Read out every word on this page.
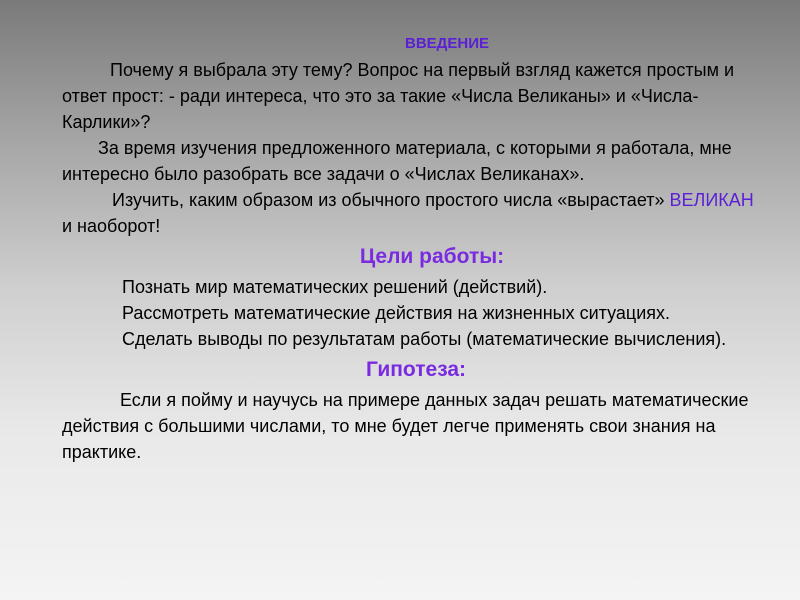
ВВЕДЕНИЕ

Почему я выбрала эту тему? Вопрос на первый взгляд кажется простым и ответ прост: - ради интереса, что это за такие «Числа Великаны» и «Числа-Карлики»?

За время изучения предложенного материала, с которыми я работала, мне интересно было разобрать все задачи о «Числах Великанах».

Изучить, каким образом из обычного простого числа «вырастает» ВЕЛИКАН и наоборот!

Цели работы:

Познать мир математических решений (действий).

Рассмотреть математические действия на жизненных ситуациях.

Сделать выводы по результатам работы (математические вычисления).

Гипотеза:

Если я пойму и научусь на примере данных задач решать математические действия с большими числами, то мне будет легче применять свои знания на практике.
